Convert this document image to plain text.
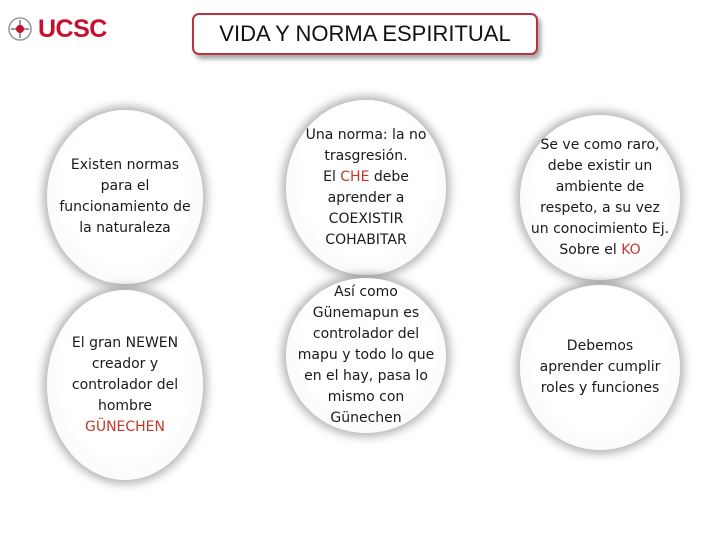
UCSC	VIDA Y NORMA ESPIRITUAL
Existen normas para el funcionamiento de la naturaleza
El gran NEWEN creador y controlador del hombre
GÜNECHEN
Una norma: la no trasgresión.
El CHE debe aprender a
COEXISTIR
COHABITAR
Así como Günemapun es controlador del mapu y todo lo que en el hay, pasa lo mismo con Günechen
Se ve como raro, debe existir un ambiente de respeto, a su vez un conocimiento Ej. Sobre el KO
Debemos aprender cumplir roles y funciones
